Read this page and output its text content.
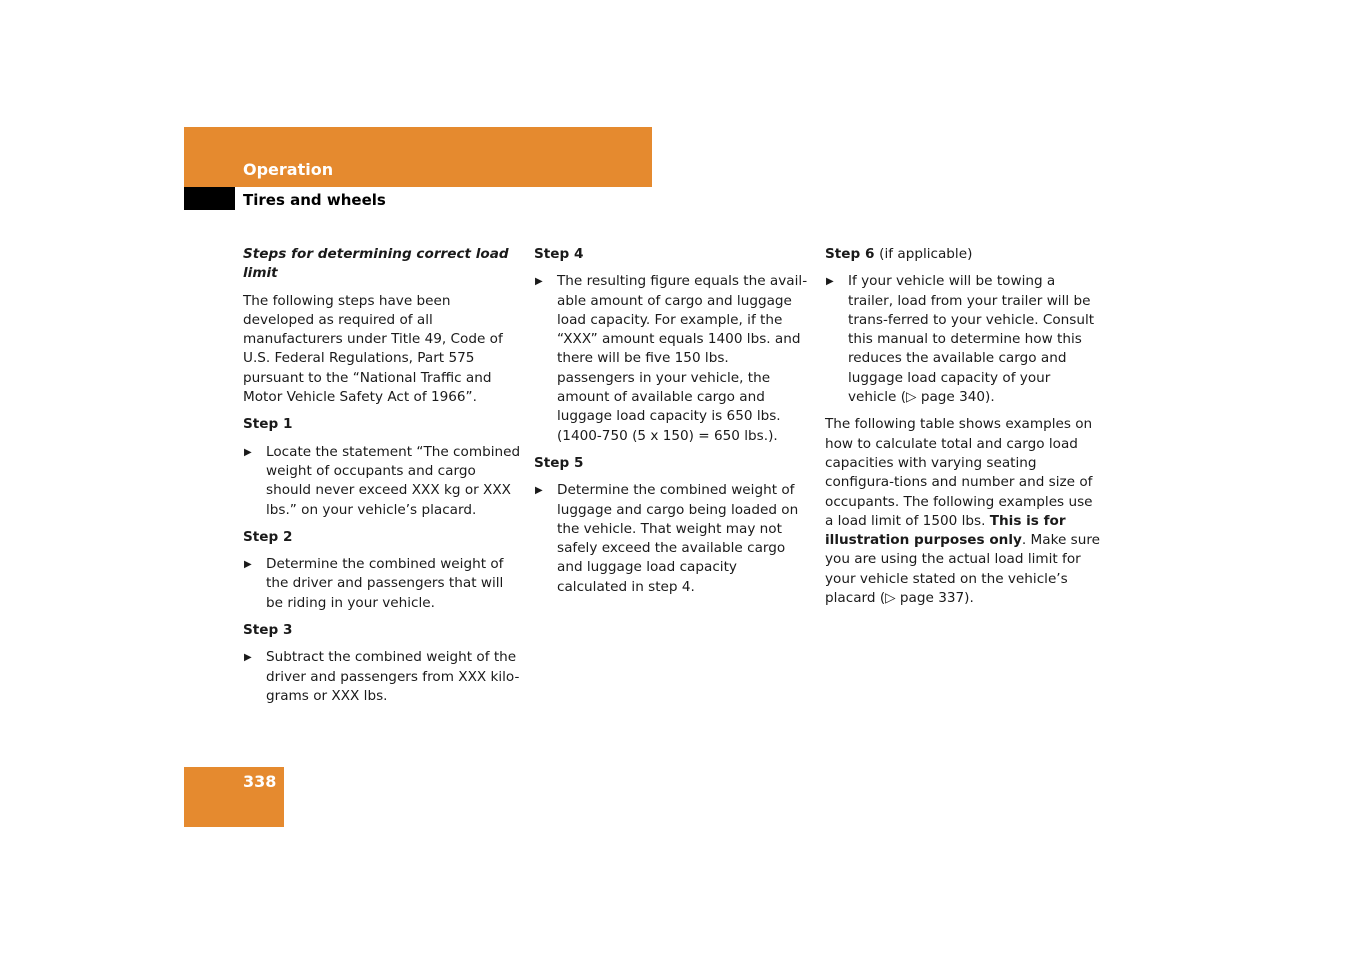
Operation
Tires and wheels

Steps for determining correct load limit

The following steps have been developed as required of all manufacturers under Title 49, Code of U.S. Federal Regulations, Part 575 pursuant to the “National Traffic and Motor Vehicle Safety Act of 1966”.

Step 1

▶ Locate the statement “The combined weight of occupants and cargo should never exceed XXX kg or XXX lbs.” on your vehicle’s placard.

Step 2

▶ Determine the combined weight of the driver and passengers that will be riding in your vehicle.

Step 3

▶ Subtract the combined weight of the driver and passengers from XXX kilo-grams or XXX lbs.

Step 4

▶ The resulting figure equals the avail-able amount of cargo and luggage load capacity. For example, if the “XXX” amount equals 1400 lbs. and there will be five 150 lbs. passengers in your vehicle, the amount of available cargo and luggage load capacity is 650 lbs. (1400-750 (5 x 150) = 650 lbs.).

Step 5

▶ Determine the combined weight of luggage and cargo being loaded on the vehicle. That weight may not safely exceed the available cargo and luggage load capacity calculated in step 4.

Step 6 (if applicable)

▶ If your vehicle will be towing a trailer, load from your trailer will be trans-ferred to your vehicle. Consult this manual to determine how this reduces the available cargo and luggage load capacity of your vehicle (▷ page 340).

The following table shows examples on how to calculate total and cargo load capacities with varying seating configura-tions and number and size of occupants. The following examples use a load limit of 1500 lbs. This is for illustration purposes only. Make sure you are using the actual load limit for your vehicle stated on the vehicle’s placard (▷ page 337).

338
